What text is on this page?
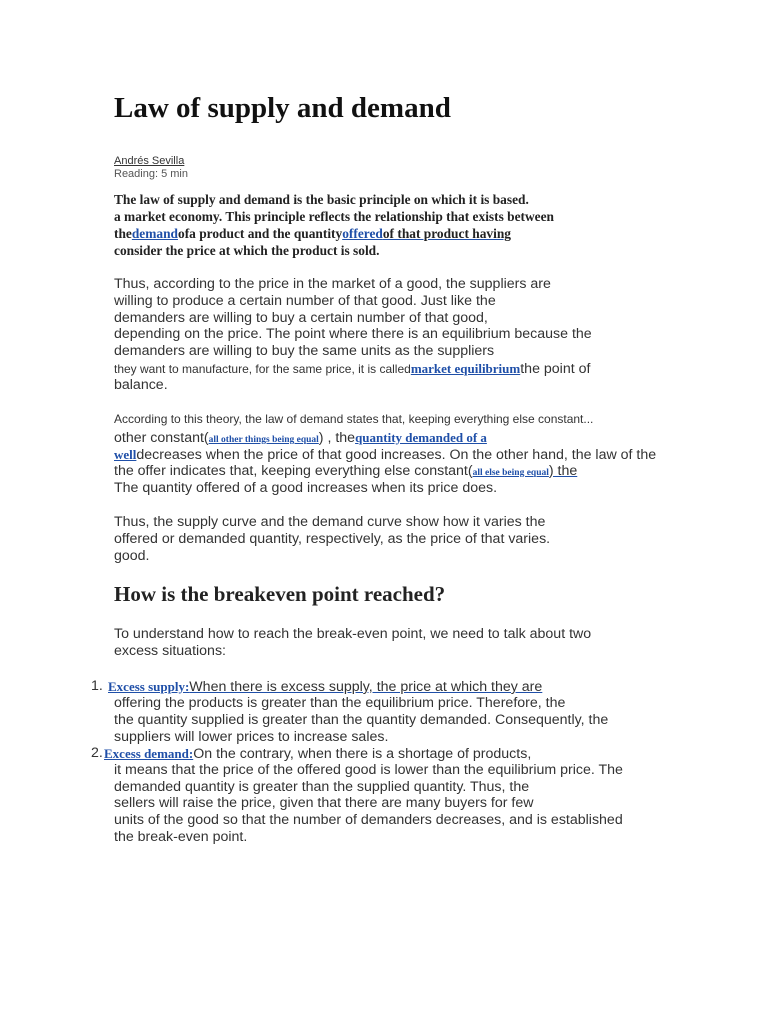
Law of supply and demand
Andrés Sevilla
Reading: 5 min
The law of supply and demand is the basic principle on which it is based.
a market economy. This principle reflects the relationship that exists between
thedemandofa product and the quantityofferedof that product having
consider the price at which the product is sold.
Thus, according to the price in the market of a good, the suppliers are
willing to produce a certain number of that good. Just like the
demanders are willing to buy a certain number of that good,
depending on the price. The point where there is an equilibrium because the
demanders are willing to buy the same units as the suppliers
they want to manufacture, for the same price, it is calledmarket equilibriumthe point of
balance.
According to this theory, the law of demand states that, keeping everything else constant...
other constant(all other things being equal) , thequantity demanded of a
welldecreases when the price of that good increases. On the other hand, the law of the
the offer indicates that, keeping everything else constant(all else being equal) the
The quantity offered of a good increases when its price does.
Thus, the supply curve and the demand curve show how it varies the
offered or demanded quantity, respectively, as the price of that varies.
good.
How is the breakeven point reached?
To understand how to reach the break-even point, we need to talk about two
excess situations:
1. Excess supply:When there is excess supply, the price at which they are
offering the products is greater than the equilibrium price. Therefore, the
the quantity supplied is greater than the quantity demanded. Consequently, the
suppliers will lower prices to increase sales.
2. Excess demand:On the contrary, when there is a shortage of products,
it means that the price of the offered good is lower than the equilibrium price. The
demanded quantity is greater than the supplied quantity. Thus, the
sellers will raise the price, given that there are many buyers for few
units of the good so that the number of demanders decreases, and is established
the break-even point.
